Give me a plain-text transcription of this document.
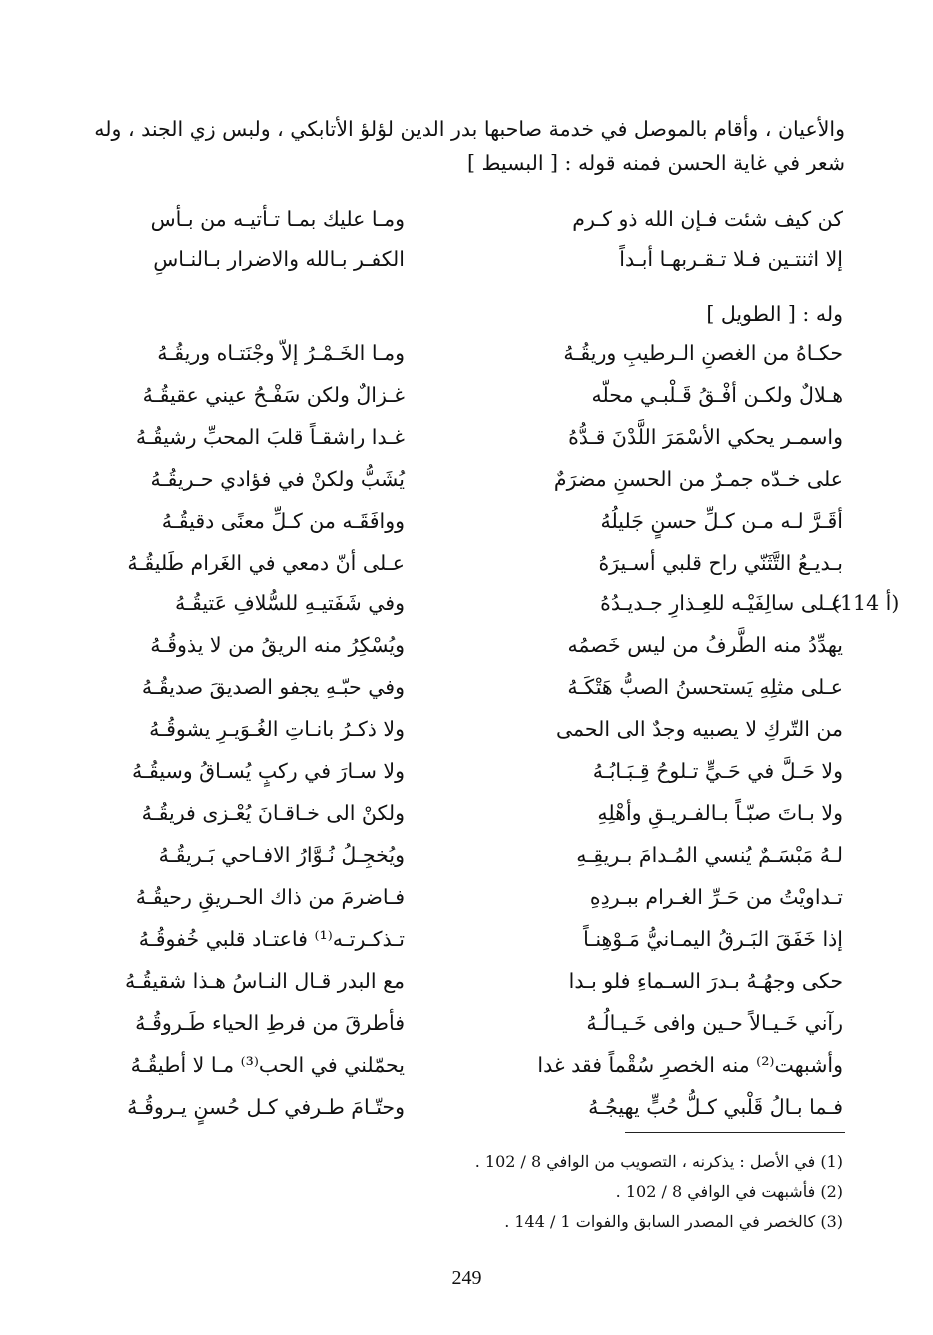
والأعيان ، وأقام بالموصل في خدمة صاحبها بدر الدين لؤلؤ الأتابكي ، ولبس زي الجند ، وله
شعر في غاية الحسن فمنه قوله : [ البسيط ]
كن كيف شئت فـإن الله ذو كـرم
ومـا عليك بمـا تـأتيـه من بـأس
إلا اثنتـين فـلا تـقـربهـا أبـداً
الكفـر بـالله والاضرار بـالنـاسِ
وله : [ الطويل ]
حكـاهُ من الغصنِ الـرطيبِ وريقُـهُ
ومـا الخَـمْـرُ إلاّ وجْنَتـاه وريقُـهُ
هـلالٌ ولكـن أفْـقُ قَـلْبـي محلّه
غـزالٌ ولكن سَفْـحُ عيني عقيقُـهُ
واسمـر يحكي الأسْمَرَ اللَّدْنَ قـدُّهُ
غـدا راشقـاً قلبَ المحبِّ رشيقُـهُ
على خـدّه جمـرٌ من الحسنِ مضرَمٌ
يُشَبُّ ولكنْ في فؤادي حـريقُـهُ
أقَـرَّ لـه مـن كـلِّ حسنٍ جَليلُهُ
ووافَقَـه من كـلِّ معنًى دقيقُـهُ
بـديـعُ التَّثَنّي راح قلبي أسـيرَهُ
عـلى أنّ دمعي في الغَرام طَليقُـهُ
(114 أ)
عـلى سالِفَيْـه للعِـذارِ جـديـدُهُ
وفي شَفَتيـهِ للسُّلافِ عَتيقُـهُ
يهدِّدُ منه الطَّرفُ من ليس خَصمُه
ويُسْكِرُ منه الريقُ من لا يذوقُـهُ
عـلى مثلِهِ يَستحسنُ الصبُّ هَتْكَـهُ
وفي حبّـهِ يجفو الصديقَ صديقُـهُ
من التّركِ لا يصبيه وجدٌ الى الحمى
ولا ذكـرُ بانـاتِ الغُـوَيـرِ يشوقُـهُ
ولا حَـلَّ في حَـيٍّ تـلوحُ قِـبَـابُـهُ
ولا سـارَ في ركبٍ يُسـاقُ وسيقُـهُ
ولا بـاتَ صبّـاً بـالفـريـقِ وأهْلِهِ
ولكنْ الى خـاقـانَ يُعْـزى فريقُـهُ
لـهُ مَبْسَـمٌ يُنسي المُـدامَ بـريقِـهِ
ويُخجِـلُ نُـوَّارُ الافـاحي بَـريقُـهُ
تـداويْتُ من حَـرِّ الغـرام ببـردِهِ
فـاضرمَ من ذاك الحـريقِ رحيقُـهُ
إذا خَفَقَ البَـرقُ اليمـانيُّ مَـوْهِنـاً
تـذكـرتـه⁽¹⁾ فاعتـاد قلبي خُفوقُـهُ
حكى وجهُـهُ بـدرَ السـماءِ فلو بـدا
مع البدر قـال النـاسُ هـذا شقيقُـهُ
رآني خَـيـالاً حـين وافى خَـيـالُـهُ
فأطرقَ من فرطِ الحياء طَـروقُـهُ
وأشبهت⁽²⁾ منه الخصرِ سُقْماً فقد غدا
يحمّلني في الحب⁽³⁾ مـا لا أطيقُـهُ
فـما بـالُ قَلْبي كـلُّ حُبٍّ يهيجُـهُ
وحتّـامَ طـرفي كـل حُسنٍ يـروقُـهُ
(1) في الأصل : يذكرنه ، التصويب من الوافي 8 / 102 .
(2) فأشبهت في الوافي 8 / 102 .
(3) كالخصر في المصدر السابق والفوات 1 / 144 .
249
